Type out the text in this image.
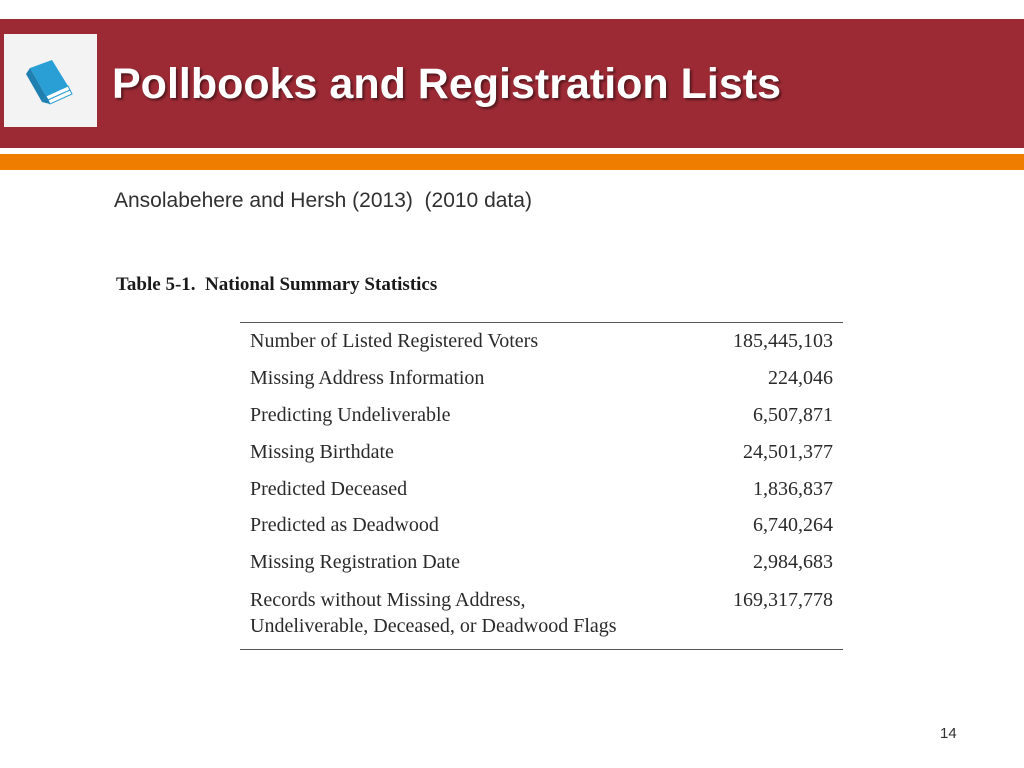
Pollbooks and Registration Lists

Ansolabehere and Hersh (2013)  (2010 data)

Table 5-1.  National Summary Statistics

Number of Listed Registered Voters	185,445,103
Missing Address Information	224,046
Predicting Undeliverable	6,507,871
Missing Birthdate	24,501,377
Predicted Deceased	1,836,837
Predicted as Deadwood	6,740,264
Missing Registration Date	2,984,683
Records without Missing Address,
Undeliverable, Deceased, or Deadwood Flags	169,317,778

14
